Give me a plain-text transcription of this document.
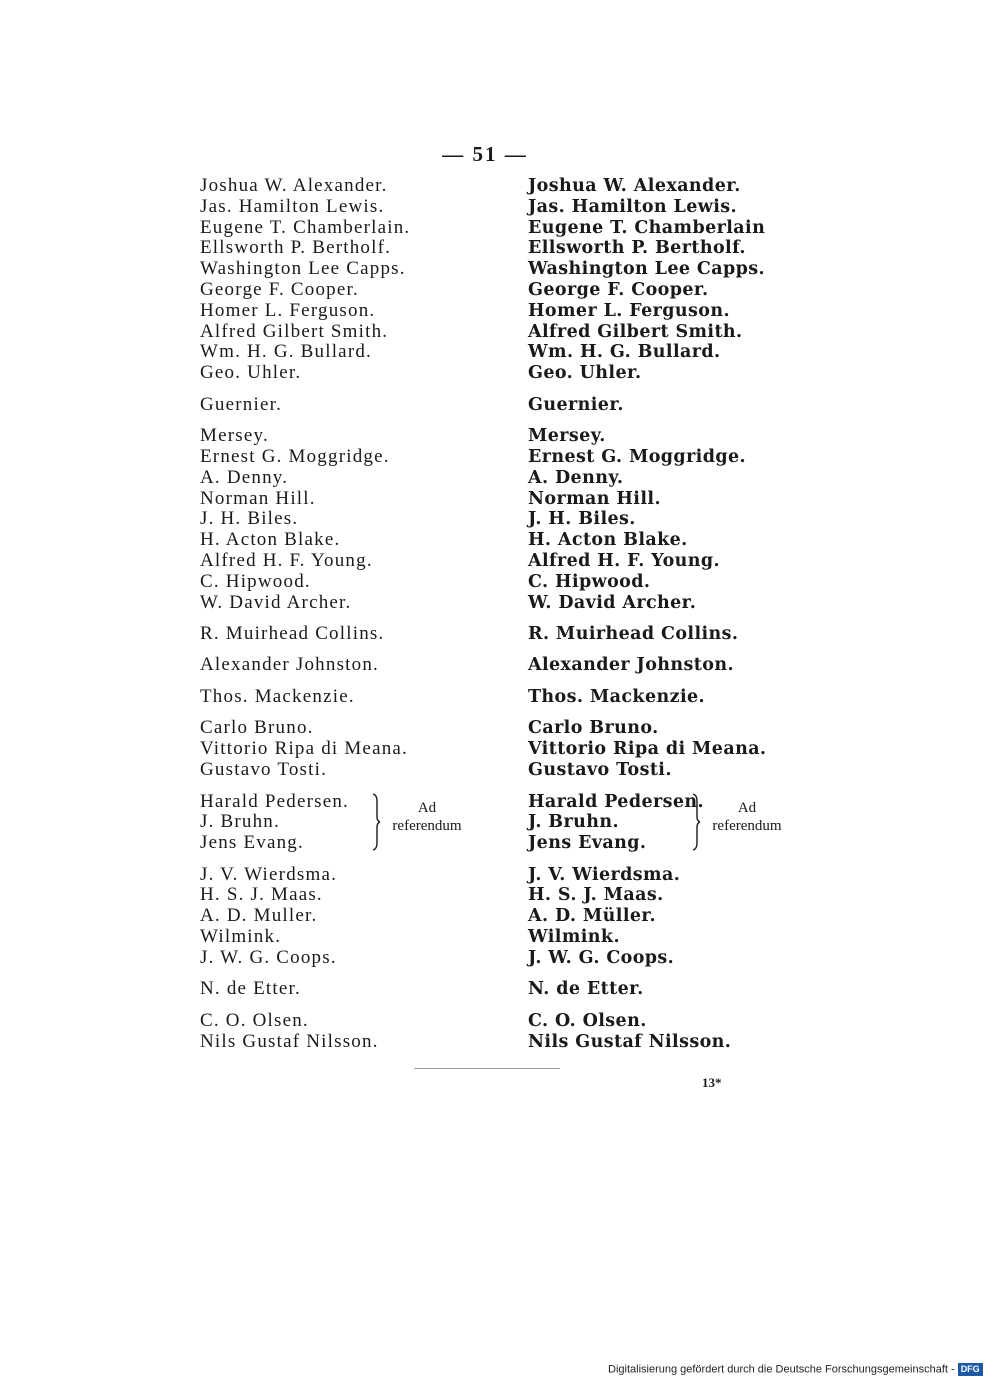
— 51 —
Joshua W. Alexander.
Jas. Hamilton Lewis.
Eugene T. Chamberlain.
Ellsworth P. Bertholf.
Washington Lee Capps.
George F. Cooper.
Homer L. Ferguson.
Alfred Gilbert Smith.
Wm. H. G. Bullard.
Geo. Uhler.
Guernier.
Mersey.
Ernest G. Moggridge.
A. Denny.
Norman Hill.
J. H. Biles.
H. Acton Blake.
Alfred H. F. Young.
C. Hipwood.
W. David Archer.
R. Muirhead Collins.
Alexander Johnston.
Thos. Mackenzie.
Carlo Bruno.
Vittorio Ripa di Meana.
Gustavo Tosti.
Harald Pedersen.
J. Bruhn.
Jens Evang.
Ad
referendum
J. V. Wierdsma.
H. S. J. Maas.
A. D. Muller.
Wilmink.
J. W. G. Coops.
N. de Etter.
C. O. Olsen.
Nils Gustaf Nilsson.
Joshua W. Alexander.
Jas. Hamilton Lewis.
Eugene T. Chamberlain
Ellsworth P. Bertholf.
Washington Lee Capps.
George F. Cooper.
Homer L. Ferguson.
Alfred Gilbert Smith.
Wm. H. G. Bullard.
Geo. Uhler.
Guernier.
Mersey.
Ernest G. Moggridge.
A. Denny.
Norman Hill.
J. H. Biles.
H. Acton Blake.
Alfred H. F. Young.
C. Hipwood.
W. David Archer.
R. Muirhead Collins.
Alexander Johnston.
Thos. Mackenzie.
Carlo Bruno.
Vittorio Ripa di Meana.
Gustavo Tosti.
Harald Pedersen.
J. Bruhn.
Jens Evang.
Ad
referendum
J. V. Wierdsma.
H. S. J. Maas.
A. D. Müller.
Wilmink.
J. W. G. Coops.
N. de Etter.
C. O. Olsen.
Nils Gustaf Nilsson.
13*
Digitalisierung gefördert durch die Deutsche Forschungsgemeinschaft - DFG
